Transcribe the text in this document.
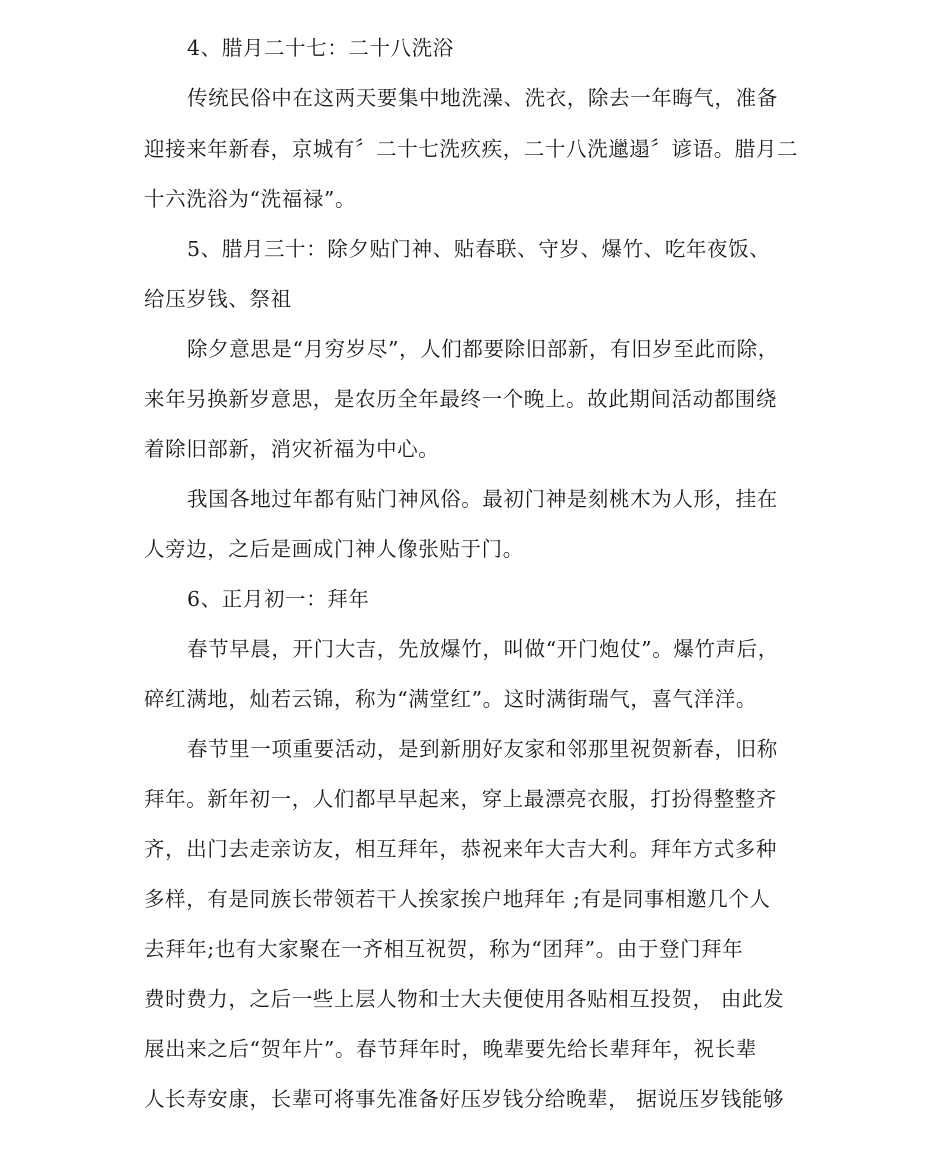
4、腊月二十七：二十八洗浴
传统民俗中在这两天要集中地洗澡、洗衣，除去一年晦气，准备
迎接来年新春，京城有〞二十七洗疚疾，二十八洗邋遢〞谚语。腊月二
十六洗浴为“洗福禄”。
5、腊月三十：除夕贴门神、贴春联、守岁、爆竹、吃年夜饭、
给压岁钱、祭祖
除夕意思是“月穷岁尽”，人们都要除旧部新，有旧岁至此而除，
来年另换新岁意思，是农历全年最终一个晚上。故此期间活动都围绕
着除旧部新，消灾祈福为中心。
我国各地过年都有贴门神风俗。最初门神是刻桃木为人形，挂在
人旁边，之后是画成门神人像张贴于门。
6、正月初一：拜年
春节早晨，开门大吉，先放爆竹，叫做“开门炮仗”。爆竹声后，
碎红满地，灿若云锦，称为“满堂红”。这时满街瑞气，喜气洋洋。
春节里一项重要活动，是到新朋好友家和邻那里祝贺新春，旧称
拜年。新年初一，人们都早早起来，穿上最漂亮衣服，打扮得整整齐
齐，出门去走亲访友，相互拜年，恭祝来年大吉大利。拜年方式多种
多样，有是同族长带领若干人挨家挨户地拜年 ;有是同事相邀几个人
去拜年;也有大家聚在一齐相互祝贺，称为“团拜”。由于登门拜年
费时费力，之后一些上层人物和士大夫便使用各贴相互投贺， 由此发
展出来之后“贺年片”。春节拜年时，晚辈要先给长辈拜年，祝长辈
人长寿安康，长辈可将事先准备好压岁钱分给晚辈， 据说压岁钱能够
